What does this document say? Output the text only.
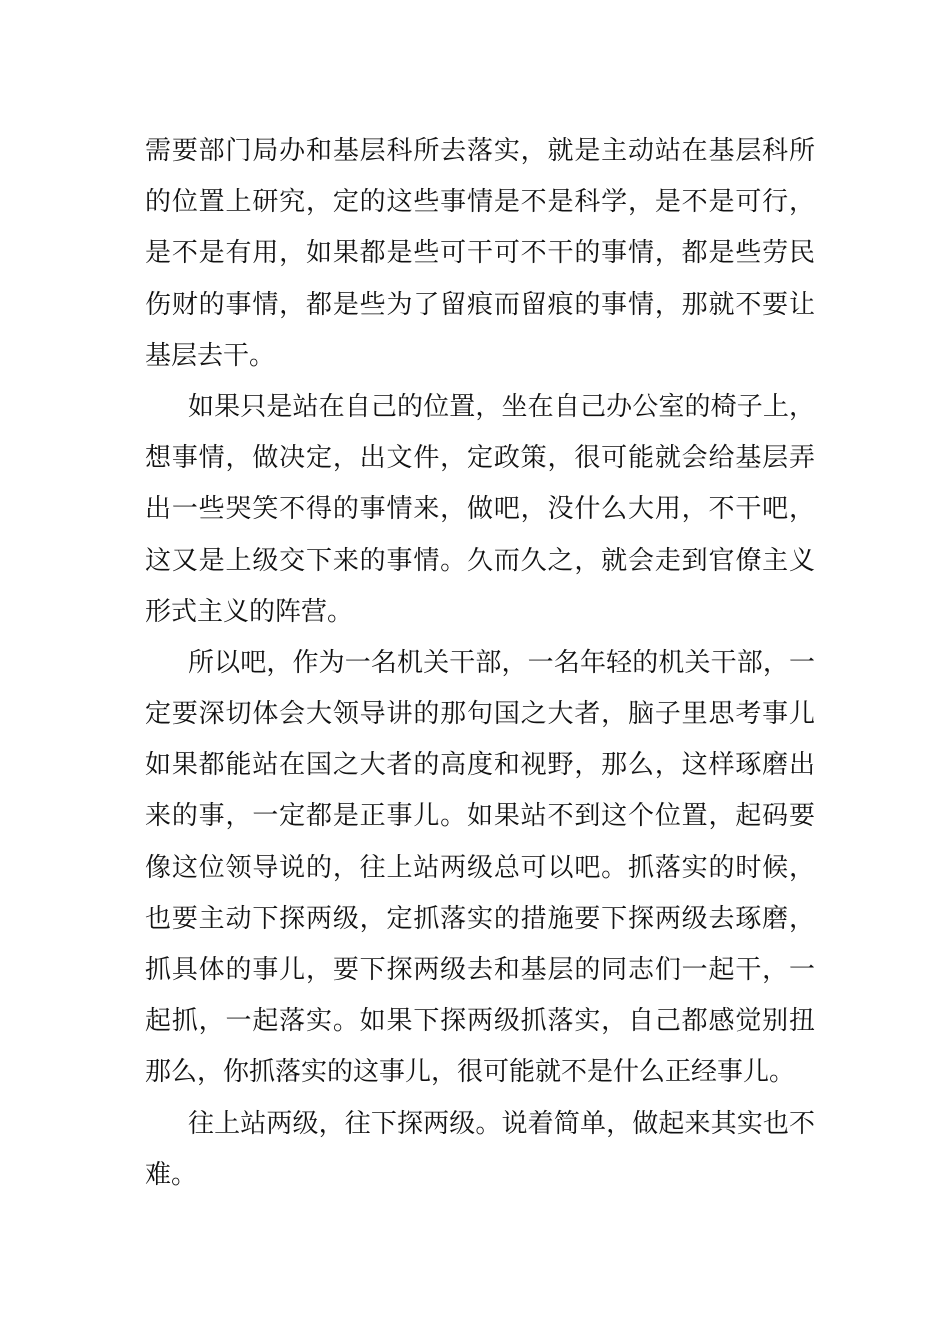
需要部门局办和基层科所去落实，就是主动站在基层科所
的位置上研究，定的这些事情是不是科学，是不是可行，
是不是有用，如果都是些可干可不干的事情，都是些劳民
伤财的事情，都是些为了留痕而留痕的事情，那就不要让
基层去干。
如果只是站在自己的位置，坐在自己办公室的椅子上，
想事情，做决定，出文件，定政策，很可能就会给基层弄
出一些哭笑不得的事情来，做吧，没什么大用，不干吧，
这又是上级交下来的事情。久而久之，就会走到官僚主义
形式主义的阵营。
所以吧，作为一名机关干部，一名年轻的机关干部，一
定要深切体会大领导讲的那句国之大者，脑子里思考事儿
如果都能站在国之大者的高度和视野，那么，这样琢磨出
来的事，一定都是正事儿。如果站不到这个位置，起码要
像这位领导说的，往上站两级总可以吧。抓落实的时候，
也要主动下探两级，定抓落实的措施要下探两级去琢磨，
抓具体的事儿，要下探两级去和基层的同志们一起干，一
起抓，一起落实。如果下探两级抓落实，自己都感觉别扭
那么，你抓落实的这事儿，很可能就不是什么正经事儿。
往上站两级，往下探两级。说着简单，做起来其实也不
难。
